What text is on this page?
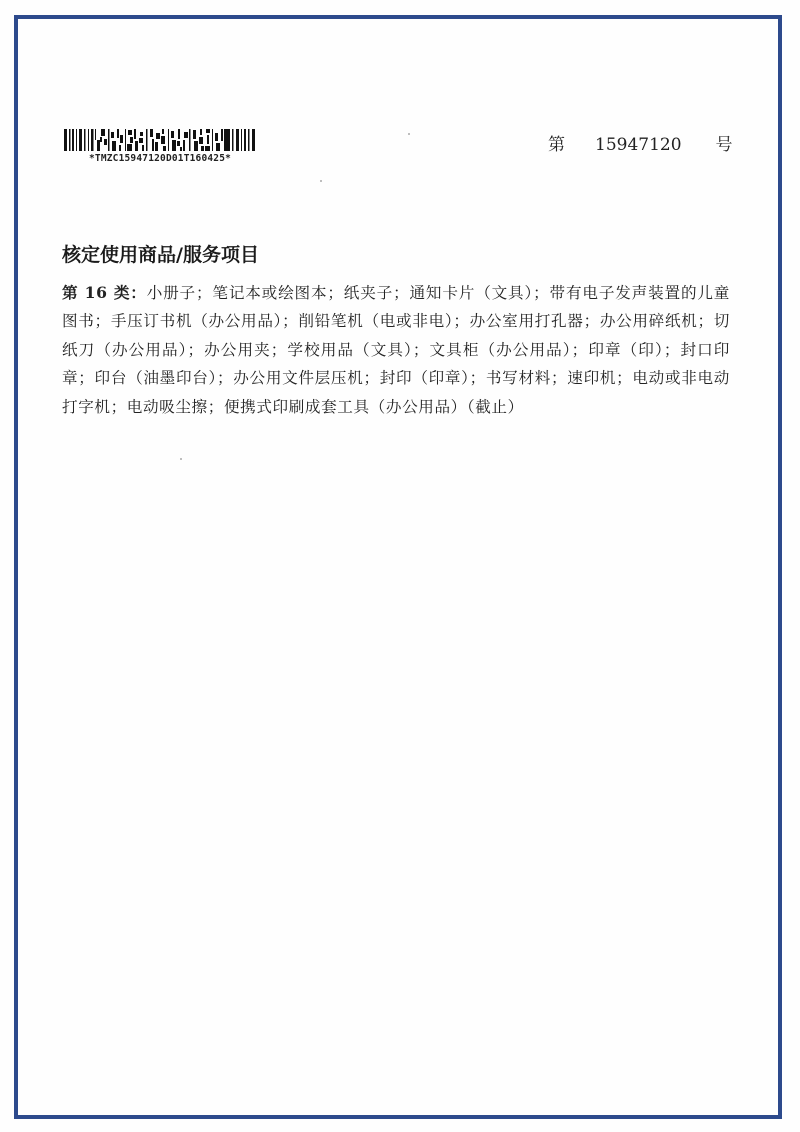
*TMZC15947120D01T160425*
第 15947120 号
核定使用商品/服务项目
第 16 类：小册子；笔记本或绘图本；纸夹子；通知卡片（文具）；带有电子发声装置的儿童图书；手压订书机（办公用品）；削铅笔机（电或非电）；办公室用打孔器；办公用碎纸机；切纸刀（办公用品）；办公用夹；学校用品（文具）；文具柜（办公用品）；印章（印）；封口印章；印台（油墨印台）；办公用文件层压机；封印（印章）；书写材料；速印机；电动或非电动打字机；电动吸尘擦；便携式印刷成套工具（办公用品）（截止）
